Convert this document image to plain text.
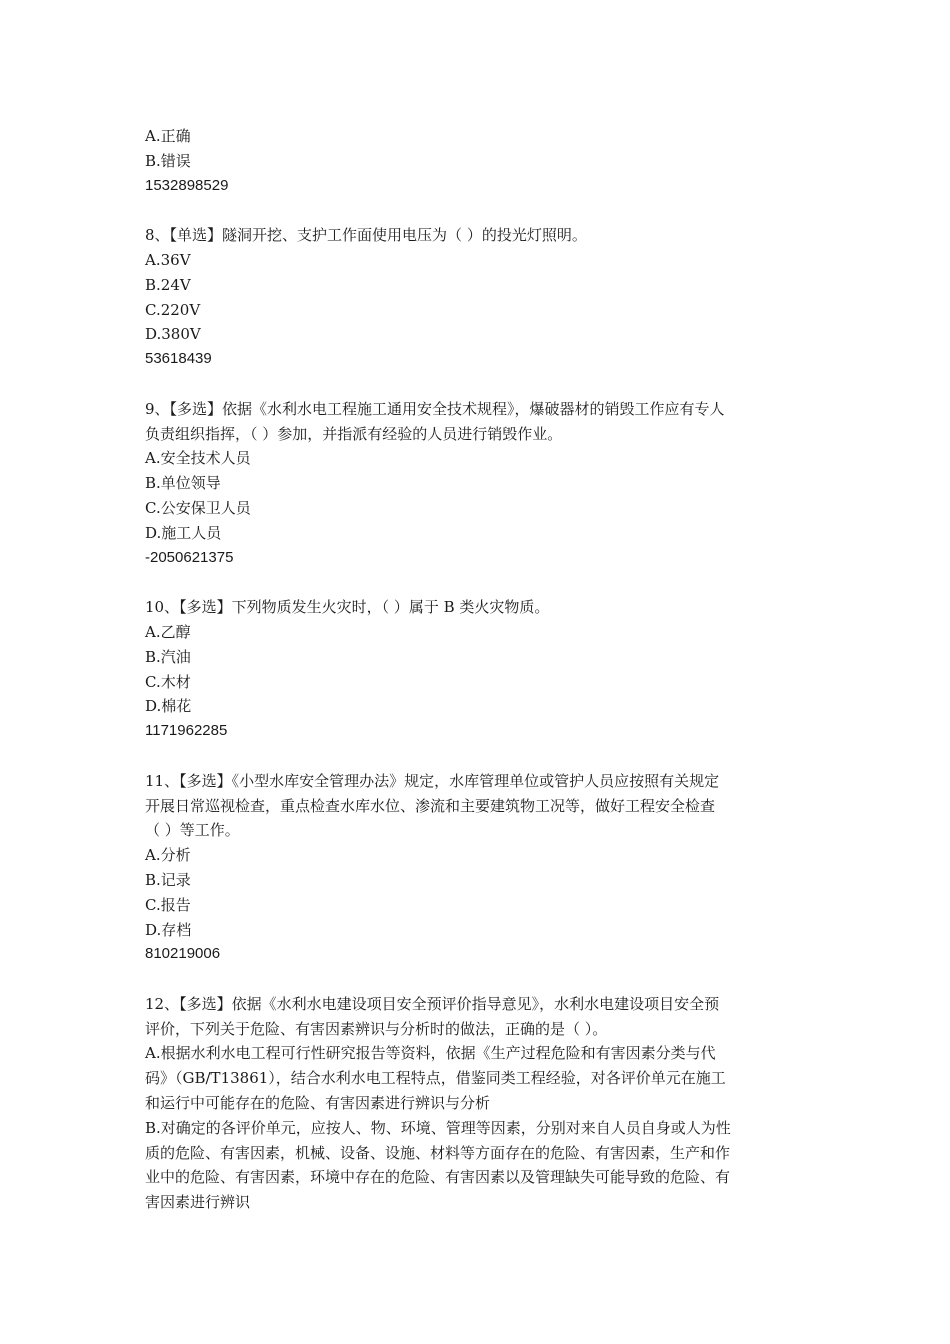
A.正确
B.错误
1532898529
8、【单选】隧洞开挖、支护工作面使用电压为（ ）的投光灯照明。
A.36V
B.24V
C.220V
D.380V
53618439
9、【多选】依据《水利水电工程施工通用安全技术规程》，爆破器材的销毁工作应有专人
负责组织指挥，（ ）参加，并指派有经验的人员进行销毁作业。
A.安全技术人员
B.单位领导
C.公安保卫人员
D.施工人员
-2050621375
10、【多选】下列物质发生火灾时，（ ）属于 B 类火灾物质。
A.乙醇
B.汽油
C.木材
D.棉花
1171962285
11、【多选】《小型水库安全管理办法》规定，水库管理单位或管护人员应按照有关规定
开展日常巡视检查，重点检查水库水位、渗流和主要建筑物工况等，做好工程安全检查
（ ）等工作。
A.分析
B.记录
C.报告
D.存档
810219006
12、【多选】依据《水利水电建设项目安全预评价指导意见》，水利水电建设项目安全预
评价，下列关于危险、有害因素辨识与分析时的做法，正确的是（ ）。
A.根据水利水电工程可行性研究报告等资料，依据《生产过程危险和有害因素分类与代
码》（GB/T13861），结合水利水电工程特点，借鉴同类工程经验，对各评价单元在施工
和运行中可能存在的危险、有害因素进行辨识与分析
B.对确定的各评价单元，应按人、物、环境、管理等因素，分别对来自人员自身或人为性
质的危险、有害因素，机械、设备、设施、材料等方面存在的危险、有害因素，生产和作
业中的危险、有害因素，环境中存在的危险、有害因素以及管理缺失可能导致的危险、有
害因素进行辨识
